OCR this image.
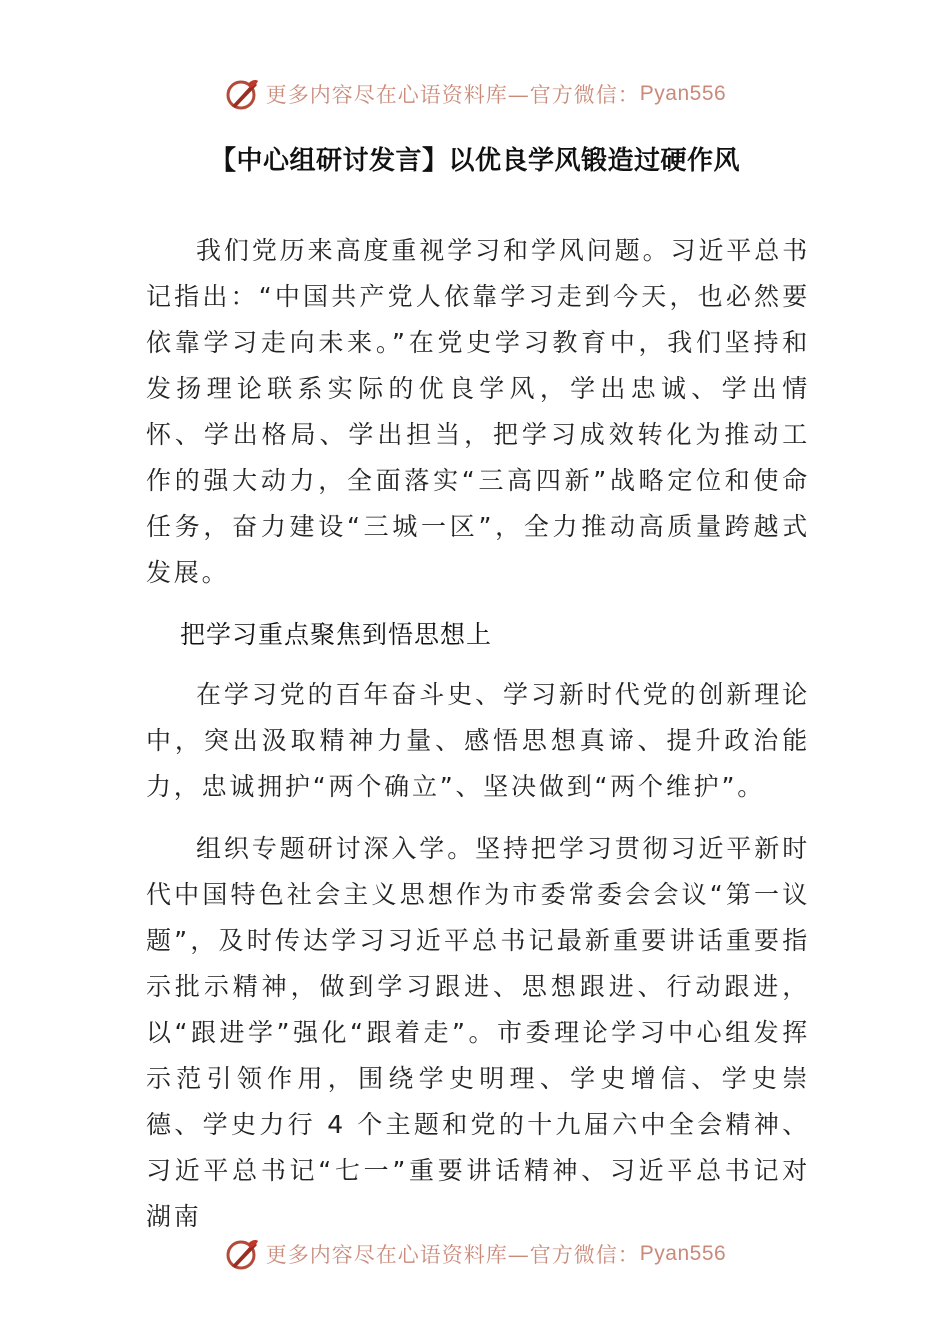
更多内容尽在心语资料库—官方微信： Pyan556
【中心组研讨发言】以优良学风锻造过硬作风

我们党历来高度重视学习和学风问题。习近平总书记指出：“中国共产党人依靠学习走到今天，也必然要依靠学习走向未来。”在党史学习教育中，我们坚持和发扬理论联系实际的优良学风，学出忠诚、学出情怀、学出格局、学出担当，把学习成效转化为推动工作的强大动力，全面落实“三高四新”战略定位和使命任务，奋力建设“三城一区”，全力推动高质量跨越式发展。

把学习重点聚焦到悟思想上

在学习党的百年奋斗史、学习新时代党的创新理论中，突出汲取精神力量、感悟思想真谛、提升政治能力，忠诚拥护“两个确立”、坚决做到“两个维护”。

组织专题研讨深入学。坚持把学习贯彻习近平新时代中国特色社会主义思想作为市委常委会会议“第一议题”，及时传达学习习近平总书记最新重要讲话重要指示批示精神，做到学习跟进、思想跟进、行动跟进，以“跟进学”强化“跟着走”。市委理论学习中心组发挥示范引领作用，围绕学史明理、学史增信、学史崇德、学史力行 4 个主题和党的十九届六中全会精神、习近平总书记“七一”重要讲话精神、习近平总书记对湖南

更多内容尽在心语资料库—官方微信： Pyan556
